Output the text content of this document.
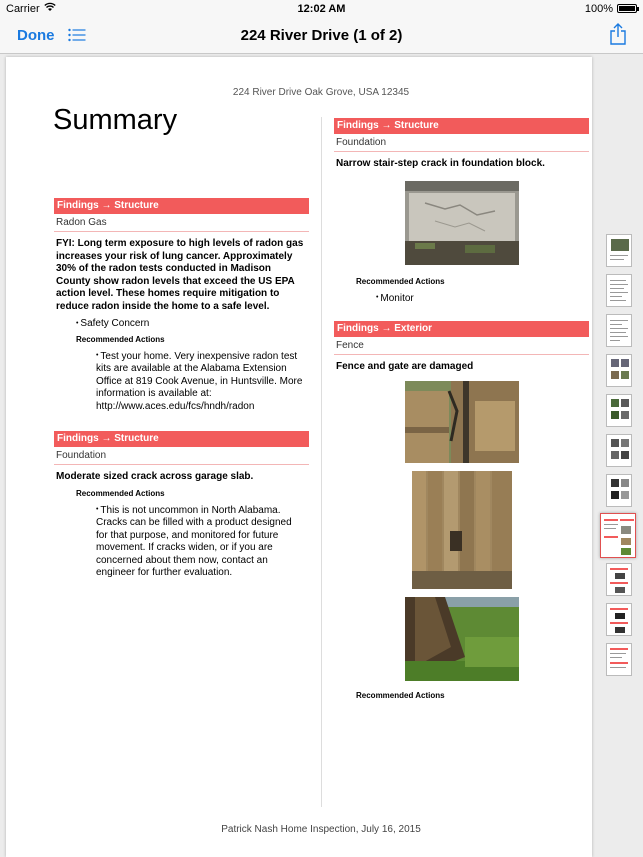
Carrier	12:02 AM	100%
Done	224 River Drive (1 of 2)
224 River Drive Oak Grove, USA 12345
Summary
Findings → Structure
Radon Gas
FYI: Long term exposure to high levels of radon gas increases your risk of lung cancer. Approximately 30% of the radon tests conducted in Madison County show radon levels that exceed the US EPA action level. These homes require mitigation to reduce radon inside the home to a safe level.
• Safety Concern
Recommended Actions
• Test your home. Very inexpensive radon test kits are available at the Alabama Extension Office at 819 Cook Avenue, in Huntsville. More information is available at: http://www.aces.edu/fcs/hndh/radon
Findings → Structure
Foundation
Moderate sized crack across garage slab.
Recommended Actions
• This is not uncommon in North Alabama. Cracks can be filled with a product designed for that purpose, and monitored for future movement. If cracks widen, or if you are concerned about them now, contact an engineer for further evaluation.
Findings → Structure
Foundation
Narrow stair-step crack in foundation block.
Recommended Actions
• Monitor
Findings → Exterior
Fence
Fence and gate are damaged
Recommended Actions
Patrick Nash Home Inspection, July 16, 2015
